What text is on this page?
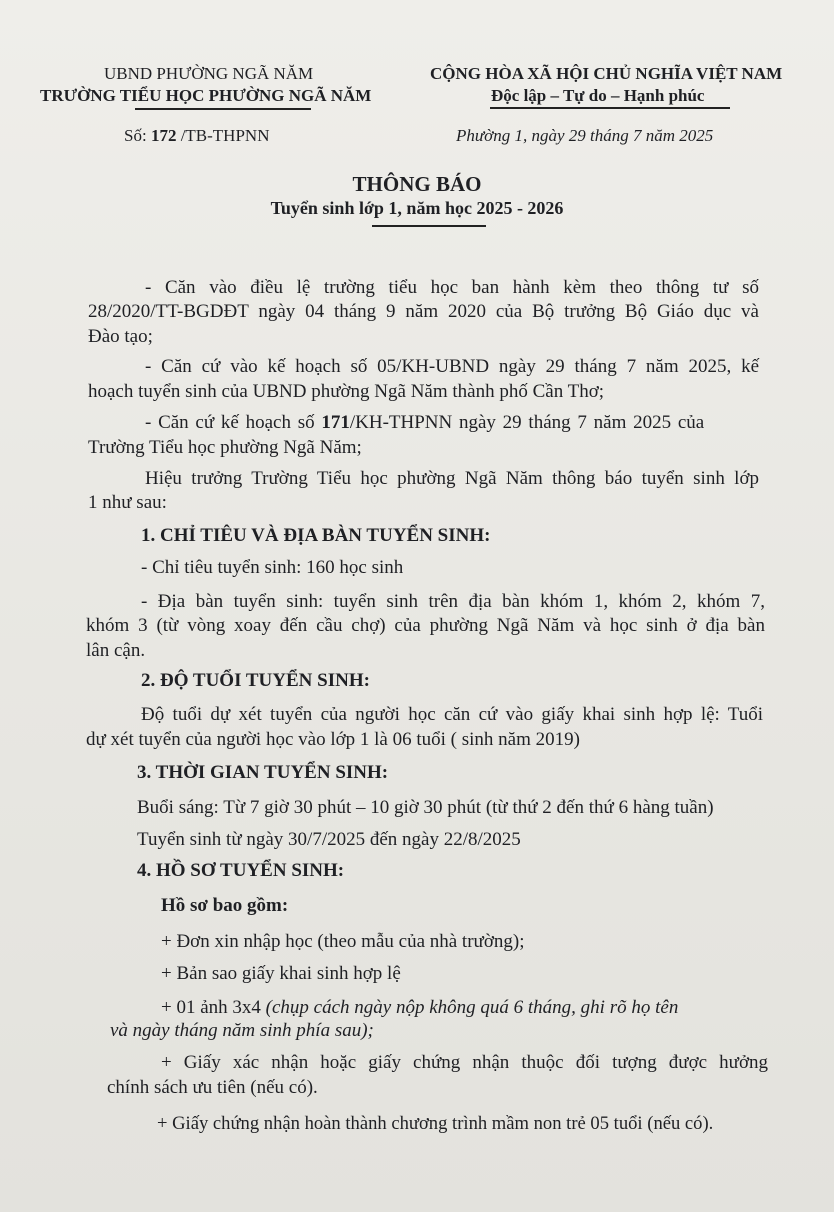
UBND PHƯỜNG NGÃ NĂM
TRƯỜNG TIỂU HỌC PHƯỜNG NGÃ NĂM
Số: 172 /TB-THPNN
CỘNG HÒA XÃ HỘI CHỦ NGHĨA VIỆT NAM
Độc lập – Tự do – Hạnh phúc
Phường 1, ngày 29 tháng 7 năm 2025
THÔNG BÁO
Tuyển sinh lớp 1, năm học 2025 - 2026
- Căn vào điều lệ trường tiểu học ban hành kèm theo thông tư số
28/2020/TT-BGDĐT ngày 04 tháng 9 năm 2020 của Bộ trưởng Bộ Giáo dục và
Đào tạo;
- Căn cứ vào kế hoạch số 05/KH-UBND ngày 29 tháng 7 năm 2025, kế
hoạch tuyển sinh của UBND phường Ngã Năm thành phố Cần Thơ;
- Căn cứ kế hoạch số 171/KH-THPNN ngày 29 tháng 7 năm 2025 của
Trường Tiểu học phường Ngã Năm;
Hiệu trưởng Trường Tiểu học phường Ngã Năm thông báo tuyển sinh lớp
1 như sau:
1. CHỈ TIÊU VÀ ĐỊA BÀN TUYỂN SINH:
- Chỉ tiêu tuyển sinh: 160 học sinh
- Địa bàn tuyển sinh: tuyển sinh trên địa bàn khóm 1, khóm 2, khóm 7,
khóm 3 (từ vòng xoay đến cầu chợ) của phường Ngã Năm và học sinh ở địa bàn
lân cận.
2. ĐỘ TUỔI TUYỂN SINH:
Độ tuổi dự xét tuyển của người học căn cứ vào giấy khai sinh hợp lệ: Tuổi
dự xét tuyển của người học vào lớp 1 là 06 tuổi ( sinh năm 2019)
3. THỜI GIAN TUYỂN SINH:
Buổi sáng: Từ 7 giờ 30 phút – 10 giờ 30 phút (từ thứ 2 đến thứ 6 hàng tuần)
Tuyển sinh từ ngày 30/7/2025 đến ngày 22/8/2025
4. HỒ SƠ TUYỂN SINH:
Hồ sơ bao gồm:
+ Đơn xin nhập học (theo mẫu của nhà trường);
+ Bản sao giấy khai sinh hợp lệ
+ 01 ảnh 3x4 (chụp cách ngày nộp không quá 6 tháng, ghi rõ họ tên
và ngày tháng năm sinh phía sau);
+ Giấy xác nhận hoặc giấy chứng nhận thuộc đối tượng được hưởng
chính sách ưu tiên (nếu có).
+ Giấy chứng nhận hoàn thành chương trình mầm non trẻ 05 tuổi (nếu có).
